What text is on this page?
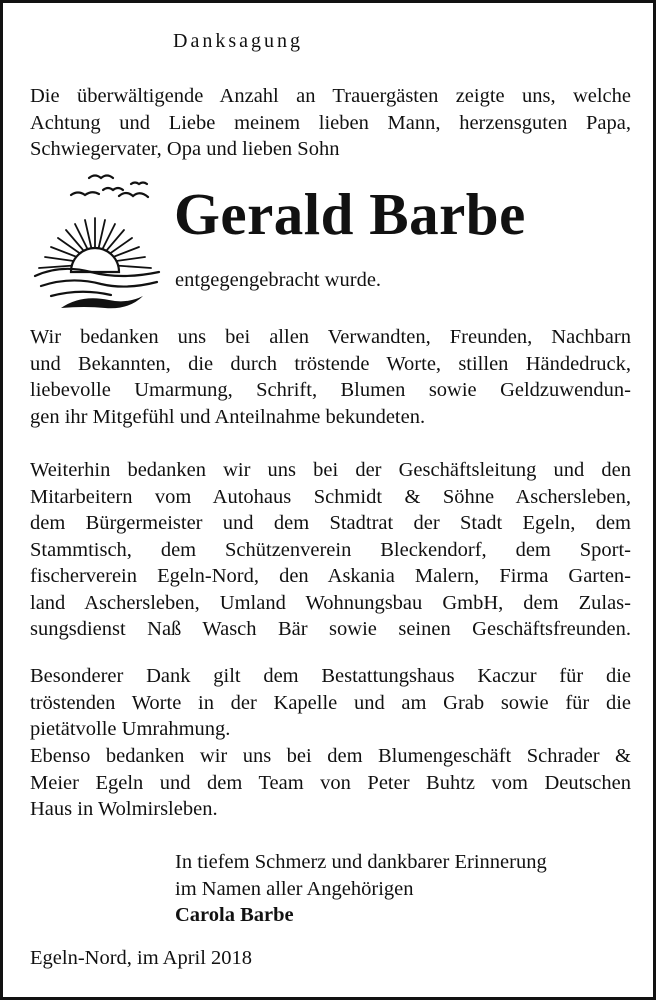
Danksagung

Die überwältigende Anzahl an Trauergästen zeigte uns, welche
Achtung und Liebe meinem lieben Mann, herzensguten Papa,
Schwiegervater, Opa und lieben Sohn

Gerald Barbe
entgegengebracht wurde.

Wir bedanken uns bei allen Verwandten, Freunden, Nachbarn
und Bekannten, die durch tröstende Worte, stillen Händedruck,
liebevolle Umarmung, Schrift, Blumen sowie Geldzuwendun-
gen ihr Mitgefühl und Anteilnahme bekundeten.

Weiterhin bedanken wir uns bei der Geschäftsleitung und den
Mitarbeitern vom Autohaus Schmidt & Söhne Aschersleben,
dem Bürgermeister und dem Stadtrat der Stadt Egeln, dem
Stammtisch, dem Schützenverein Bleckendorf, dem Sport-
fischerverein Egeln-Nord, den Askania Malern, Firma Garten-
land Aschersleben, Umland Wohnungsbau GmbH, dem Zulas-
sungsdienst Naß Wasch Bär sowie seinen Geschäftsfreunden.

Besonderer Dank gilt dem Bestattungshaus Kaczur für die
tröstenden Worte in der Kapelle und am Grab sowie für die
pietätvolle Umrahmung.

Ebenso bedanken wir uns bei dem Blumengeschäft Schrader &
Meier Egeln und dem Team von Peter Buhtz vom Deutschen
Haus in Wolmirsleben.

In tiefem Schmerz und dankbarer Erinnerung
im Namen aller Angehörigen
Carola Barbe
Egeln-Nord, im April 2018
